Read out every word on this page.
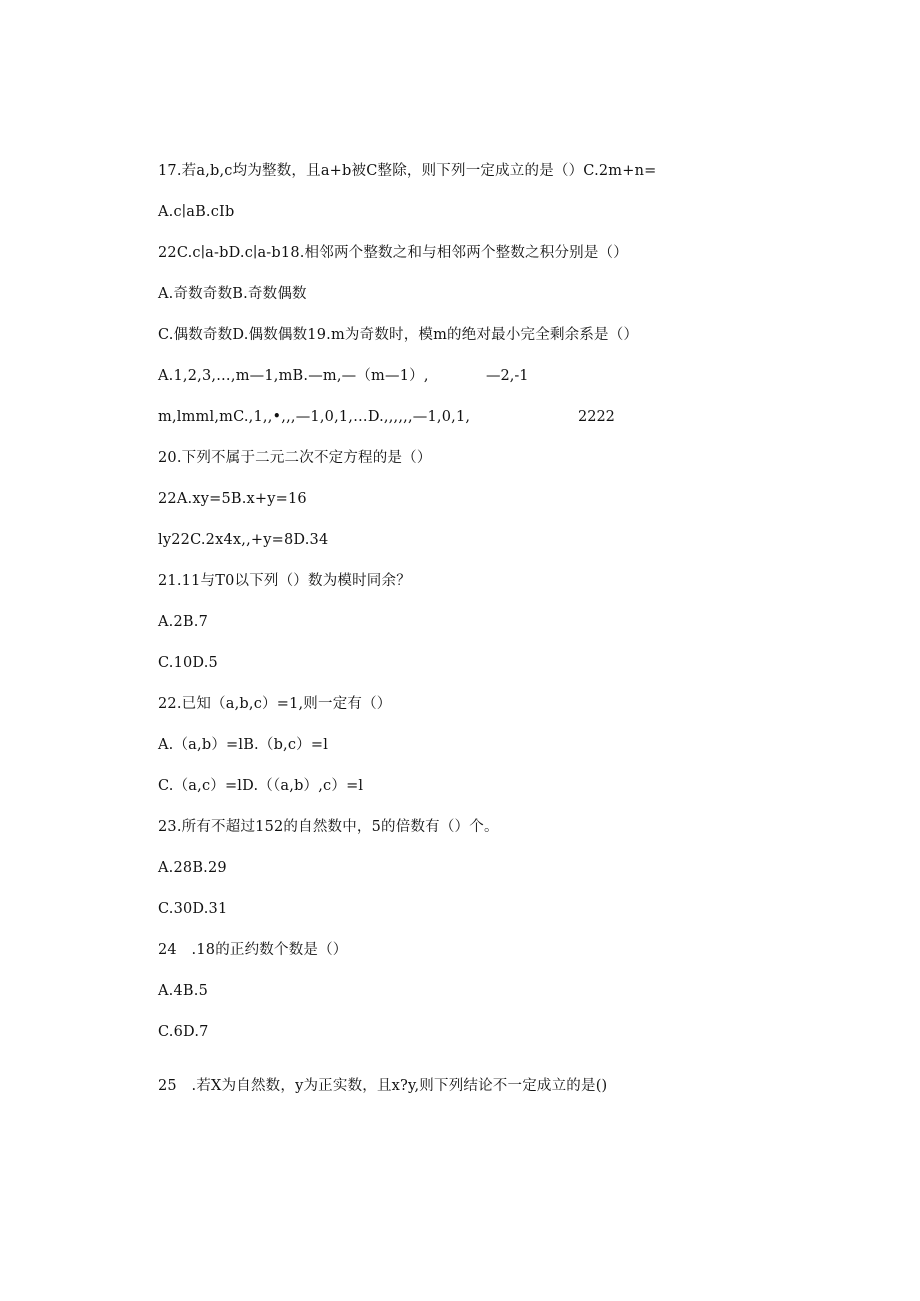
17.若a,b,c均为整数，且a+b被C整除，则下列一定成立的是（）C.2m+n=
A.c∣aB.cIb
22C.c∣a-bD.c∣a-b18.相邻两个整数之和与相邻两个整数之积分别是（）
A.奇数奇数B.奇数偶数
C.偶数奇数D.偶数偶数19.m为奇数时，模m的绝对最小完全剩余系是（）
A.1,2,3,…,m—1,mB.—m,—（m—1）,	—2,-1
m,lmml,mC.,1,,•,,,—1,0,1,…D.,,,,,,—1,0,1,	2222
20.下列不属于二元二次不定方程的是（）
22A.xy=5B.x+y=16
ly22C.2x4x,,+y=8D.34
21.11与T0以下列（）数为模时同余？
A.2B.7
C.10D.5
22.已知（a,b,c）=1,则一定有（）
A.（a,b）=lB.（b,c）=l
C.（a,c）=lD.（（a,b）,c）=l
23.所有不超过152的自然数中，5的倍数有（）个。
A.28B.29
C.30D.31
24　.18的正约数个数是（）
A.4B.5
C.6D.7
25　.若X为自然数，y为正实数，且x?y,则下列结论不一定成立的是()
